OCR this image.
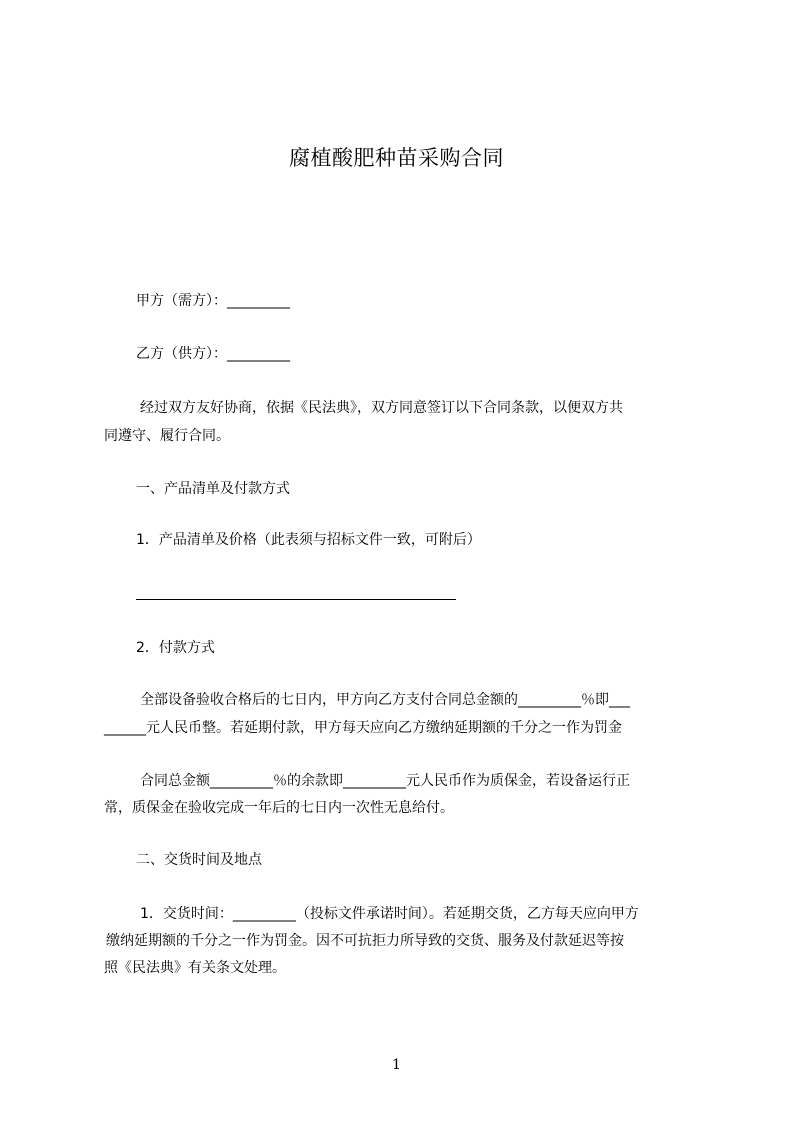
腐植酸肥种苗采购合同
甲方（需方）：_________
乙方（供方）：_________
经过双方友好协商，依据《民法典》，双方同意签订以下合同条款，以便双方共
同遵守、履行合同。
一、产品清单及付款方式
1．产品清单及价格（此表须与招标文件一致，可附后）
2．付款方式
全部设备验收合格后的七日内，甲方向乙方支付合同总金额的_________％即___
______元人民币整。若延期付款，甲方每天应向乙方缴纳延期额的千分之一作为罚金
合同总金额_________％的余款即_________元人民币作为质保金，若设备运行正
常，质保金在验收完成一年后的七日内一次性无息给付。
二、交货时间及地点
1．交货时间：_________（投标文件承诺时间）。若延期交货，乙方每天应向甲方
缴纳延期额的千分之一作为罚金。因不可抗拒力所导致的交货、服务及付款延迟等按
照《民法典》有关条文处理。
1
